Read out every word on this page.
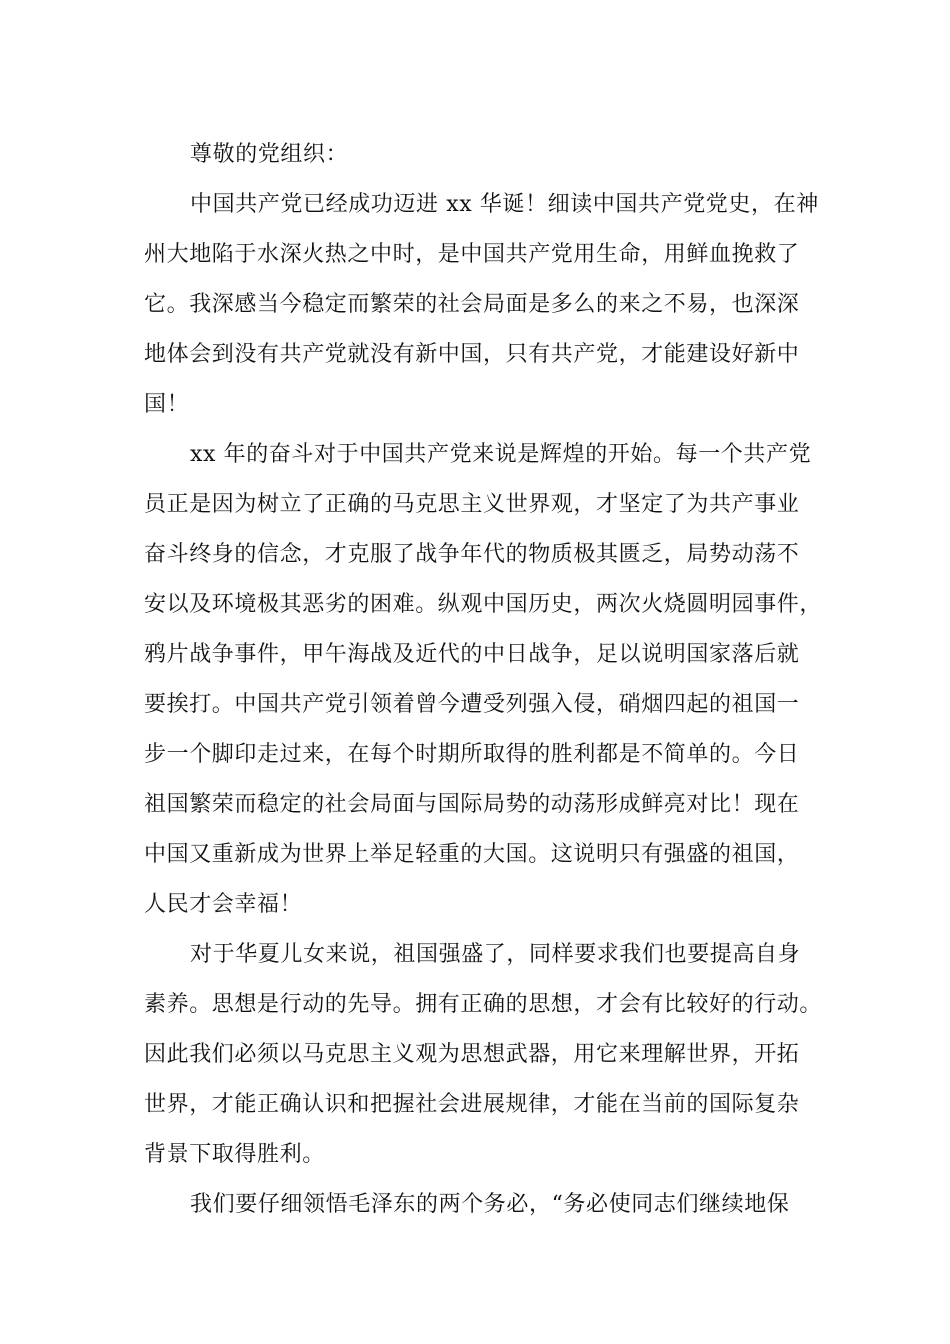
尊敬的党组织：
中国共产党已经成功迈进 xx 华诞！细读中国共产党党史，在神
州大地陷于水深火热之中时，是中国共产党用生命，用鲜血挽救了
它。我深感当今稳定而繁荣的社会局面是多么的来之不易，也深深
地体会到没有共产党就没有新中国，只有共产党，才能建设好新中
国！
xx 年的奋斗对于中国共产党来说是辉煌的开始。每一个共产党
员正是因为树立了正确的马克思主义世界观，才坚定了为共产事业
奋斗终身的信念，才克服了战争年代的物质极其匮乏，局势动荡不
安以及环境极其恶劣的困难。纵观中国历史，两次火烧圆明园事件，
鸦片战争事件，甲午海战及近代的中日战争，足以说明国家落后就
要挨打。中国共产党引领着曾今遭受列强入侵，硝烟四起的祖国一
步一个脚印走过来，在每个时期所取得的胜利都是不简单的。今日
祖国繁荣而稳定的社会局面与国际局势的动荡形成鲜亮对比！现在
中国又重新成为世界上举足轻重的大国。这说明只有强盛的祖国，
人民才会幸福！
对于华夏儿女来说，祖国强盛了，同样要求我们也要提高自身
素养。思想是行动的先导。拥有正确的思想，才会有比较好的行动。
因此我们必须以马克思主义观为思想武器，用它来理解世界，开拓
世界，才能正确认识和把握社会进展规律，才能在当前的国际复杂
背景下取得胜利。
我们要仔细领悟毛泽东的两个务必，“务必使同志们继续地保
